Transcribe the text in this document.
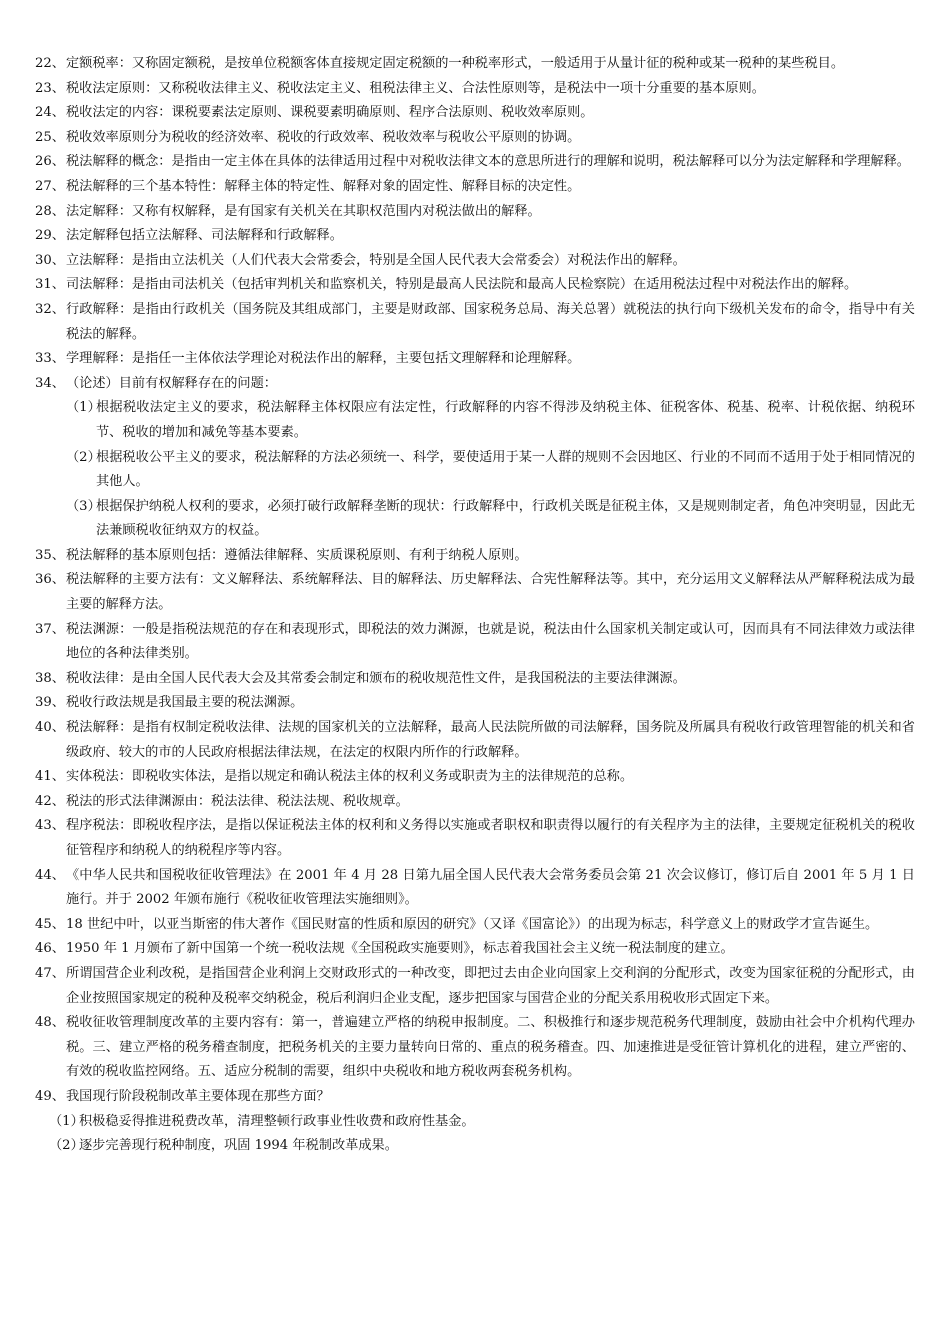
22、 定额税率：又称固定额税，是按单位税额客体直接规定固定税额的一种税率形式，一般适用于从量计征的税种或某一税种的某些税目。

23、 税收法定原则：又称税收法律主义、税收法定主义、租税法律主义、合法性原则等，是税法中一项十分重要的基本原则。

24、 税收法定的内容：课税要素法定原则、课税要素明确原则、程序合法原则、税收效率原则。

25、 税收效率原则分为税收的经济效率、税收的行政效率、税收效率与税收公平原则的协调。

26、 税法解释的概念：是指由一定主体在具体的法律适用过程中对税收法律文本的意思所进行的理解和说明，税法解释可以分为法定解释和学理解释。

27、 税法解释的三个基本特性：解释主体的特定性、解释对象的固定性、解释目标的决定性。

28、 法定解释：又称有权解释，是有国家有关机关在其职权范围内对税法做出的解释。

29、 法定解释包括立法解释、司法解释和行政解释。

30、 立法解释：是指由立法机关（人们代表大会常委会，特别是全国人民代表大会常委会）对税法作出的解释。

31、 司法解释：是指由司法机关（包括审判机关和监察机关，特别是最高人民法院和最高人民检察院）在适用税法过程中对税法作出的解释。

32、 行政解释：是指由行政机关（国务院及其组成部门，主要是财政部、国家税务总局、海关总署）就税法的执行向下级机关发布的命令，指导中有关税法的解释。

33、 学理解释：是指任一主体依法学理论对税法作出的解释，主要包括文理解释和论理解释。

34、 （论述）目前有权解释存在的问题：

（1）
根据税收法定主义的要求，税法解释主体权限应有法定性，行政解释的内容不得涉及纳税主体、征税客体、税基、税率、计税依据、纳税环节、税收的增加和减免等基本要素。

（2）
根据税收公平主义的要求，税法解释的方法必须统一、科学，要使适用于某一人群的规则不会因地区、行业的不同而不适用于处于相同情况的其他人。

（3）
根据保护纳税人权利的要求，必须打破行政解释垄断的现状：行政解释中，行政机关既是征税主体，又是规则制定者，角色冲突明显，因此无法兼顾税收征纳双方的权益。

35、 税法解释的基本原则包括：遵循法律解释、实质课税原则、有利于纳税人原则。

36、 税法解释的主要方法有：文义解释法、系统解释法、目的解释法、历史解释法、合宪性解释法等。其中，充分运用文义解释法从严解释税法成为最主要的解释方法。

37、 税法渊源：一般是指税法规范的存在和表现形式，即税法的效力渊源，也就是说，税法由什么国家机关制定或认可，因而具有不同法律效力或法律地位的各种法律类别。

38、 税收法律：是由全国人民代表大会及其常委会制定和颁布的税收规范性文件，是我国税法的主要法律渊源。

39、 税收行政法规是我国最主要的税法渊源。

40、 税法解释：是指有权制定税收法律、法规的国家机关的立法解释，最高人民法院所做的司法解释，国务院及所属具有税收行政管理智能的机关和省级政府、较大的市的人民政府根据法律法规，在法定的权限内所作的行政解释。

41、 实体税法：即税收实体法，是指以规定和确认税法主体的权利义务或职责为主的法律规范的总称。

42、 税法的形式法律渊源由：税法法律、税法法规、税收规章。

43、 程序税法：即税收程序法，是指以保证税法主体的权利和义务得以实施或者职权和职责得以履行的有关程序为主的法律，主要规定征税机关的税收征管程序和纳税人的纳税程序等内容。

44、 《中华人民共和国税收征收管理法》在 2001 年 4 月 28 日第九届全国人民代表大会常务委员会第 21 次会议修订，修订后自 2001 年 5 月 1 日施行。并于 2002 年颁布施行《税收征收管理法实施细则》。

45、 18 世纪中叶，以亚当斯密的伟大著作《国民财富的性质和原因的研究》（又译《国富论》）的出现为标志，科学意义上的财政学才宣告诞生。

46、 1950 年 1 月颁布了新中国第一个统一税收法规《全国税政实施要则》，标志着我国社会主义统一税法制度的建立。

47、 所谓国营企业利改税，是指国营企业利润上交财政形式的一种改变，即把过去由企业向国家上交利润的分配形式，改变为国家征税的分配形式，由企业按照国家规定的税种及税率交纳税金，税后利润归企业支配，逐步把国家与国营企业的分配关系用税收形式固定下来。

48、 税收征收管理制度改革的主要内容有：第一，普遍建立严格的纳税申报制度。二、积极推行和逐步规范税务代理制度，鼓励由社会中介机构代理办税。三、建立严格的税务稽查制度，把税务机关的主要力量转向日常的、重点的税务稽查。四、加速推进是受征管计算机化的进程，建立严密的、有效的税收监控网络。五、适应分税制的需要，组织中央税收和地方税收两套税务机构。

49、 我国现行阶段税制改革主要体现在那些方面？

（1）
积极稳妥得推进税费改革，清理整顿行政事业性收费和政府性基金。

（2）
逐步完善现行税种制度，巩固 1994 年税制改革成果。
